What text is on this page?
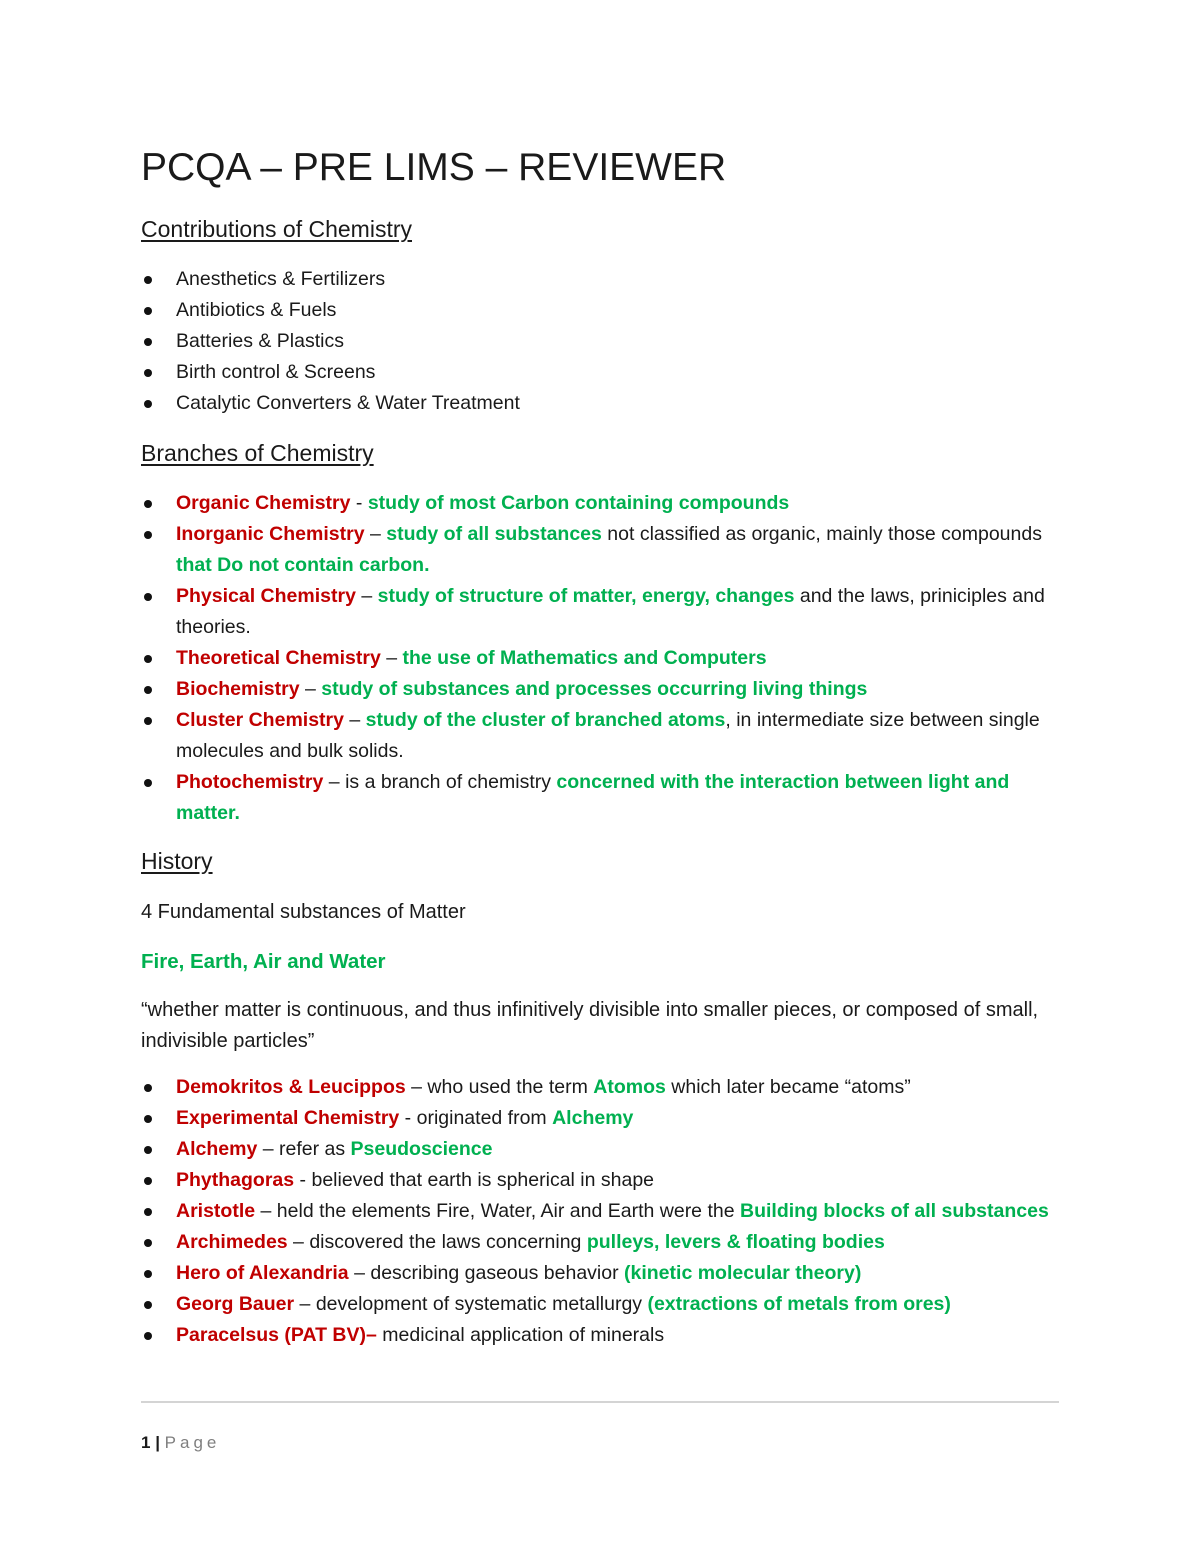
PCQA – PRE LIMS – REVIEWER
Contributions of Chemistry
Anesthetics & Fertilizers
Antibiotics & Fuels
Batteries & Plastics
Birth control & Screens
Catalytic Converters & Water Treatment
Branches of Chemistry
Organic Chemistry - study of most Carbon containing compounds
Inorganic Chemistry – study of all substances not classified as organic, mainly those compounds that Do not contain carbon.
Physical Chemistry – study of structure of matter, energy, changes and the laws, priniciples and theories.
Theoretical Chemistry – the use of Mathematics and Computers
Biochemistry – study of substances and processes occurring living things
Cluster Chemistry – study of the cluster of branched atoms, in intermediate size between single molecules and bulk solids.
Photochemistry – is a branch of chemistry concerned with the interaction between light and matter.
History
4 Fundamental substances of Matter
Fire, Earth, Air and Water
“whether matter is continuous, and thus infinitively divisible into smaller pieces, or composed of small, indivisible particles”
Demokritos & Leucippos – who used the term Atomos which later became “atoms”
Experimental Chemistry - originated from Alchemy
Alchemy – refer as Pseudoscience
Phythagoras - believed that earth is spherical in shape
Aristotle – held the elements Fire, Water, Air and Earth were the Building blocks of all substances
Archimedes – discovered the laws concerning pulleys, levers & floating bodies
Hero of Alexandria – describing gaseous behavior (kinetic molecular theory)
Georg Bauer – development of systematic metallurgy (extractions of metals from ores)
Paracelsus (PAT BV)– medicinal application of minerals
1 | Page
